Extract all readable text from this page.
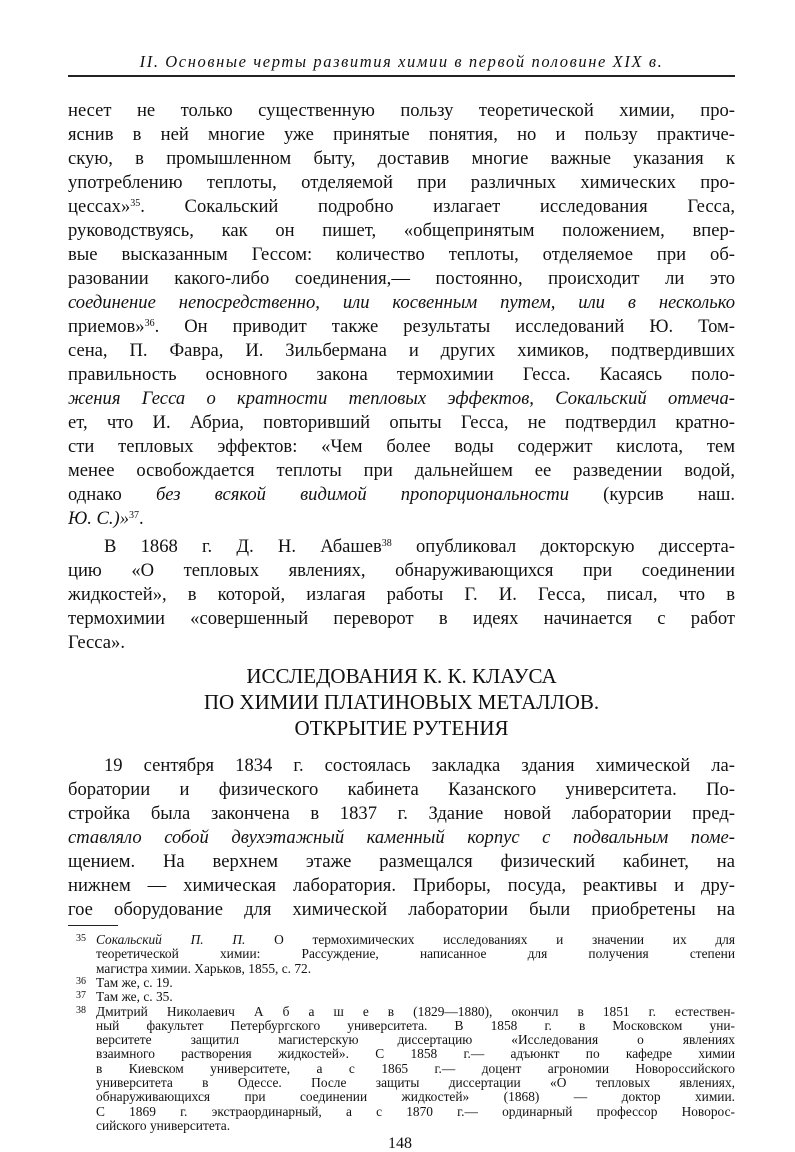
II. Основные черты развития химии в первой половине XIX в.
несет не только существенную пользу теоретической химии, про-
яснив в ней многие уже принятые понятия, но и пользу практиче-
скую, в промышленном быту, доставив многие важные указания к
употреблению теплоты, отделяемой при различных химических про-
цессах»$^{35}$. Сокальский подробно излагает исследования Гесса,
руководствуясь, как он пишет, «общепринятым положением, впер-
вые высказанным Гессом: количество теплоты, отделяемое при об-
разовании какого-либо соединения,— постоянно, происходит ли это
соединение непосредственно, или косвенным путем, или в несколько
приемов»$^{36}$. Он приводит также результаты исследований Ю. Том-
сена, П. Фавра, И. Зильбермана и других химиков, подтвердивших
правильность основного закона термохимии Гесса. Касаясь поло-
жения Гесса о кратности тепловых эффектов, Сокальский отмеча-
ет, что И. Абриа, повторивший опыты Гесса, не подтвердил кратно-
сти тепловых эффектов: «Чем более воды содержит кислота, тем
менее освобождается теплоты при дальнейшем ее разведении водой,
однако без всякой видимой пропорциональности (курсив наш.
Ю. С.)»$^{37}$.
В 1868 г. Д. Н. Абашев$^{38}$ опубликовал докторскую диссерта-
цию «О тепловых явлениях, обнаруживающихся при соединении
жидкостей», в которой, излагая работы Г. И. Гесса, писал, что в
термохимии «совершенный переворот в идеях начинается с работ
Гесса».
ИССЛЕДОВАНИЯ К. К. КЛАУСА
ПО ХИМИИ ПЛАТИНОВЫХ МЕТАЛЛОВ.
ОТКРЫТИЕ РУТЕНИЯ
19 сентября 1834 г. состоялась закладка здания химической ла-
боратории и физического кабинета Казанского университета. По-
стройка была закончена в 1837 г. Здание новой лаборатории пред-
ставляло собой двухэтажный каменный корпус с подвальным поме-
щением. На верхнем этаже размещался физический кабинет, на
нижнем — химическая лаборатория. Приборы, посуда, реактивы и дру-
гое оборудование для химической лаборатории были приобретены на
35 Сокальский П. П. О термохимических исследованиях и значении их для
теоретической химии: Рассуждение, написанное для получения степени
магистра химии. Харьков, 1855, с. 72.
36 Там же, с. 19.
37 Там же, с. 35.
38 Дмитрий Николаевич А б а ш е в (1829—1880), окончил в 1851 г. естествен-
ный факультет Петербургского университета. В 1858 г. в Московском уни-
верситете защитил магистерскую диссертацию «Исследования о явлениях
взаимного растворения жидкостей». С 1858 г.— адъюнкт по кафедре химии
в Киевском университете, а с 1865 г.— доцент агрономии Новороссийского
университета в Одессе. После защиты диссертации «О тепловых явлениях,
обнаруживающихся при соединении жидкостей» (1868) — доктор химии.
С 1869 г. экстраординарный, а с 1870 г.— ординарный профессор Новорос-
сийского университета.
148
